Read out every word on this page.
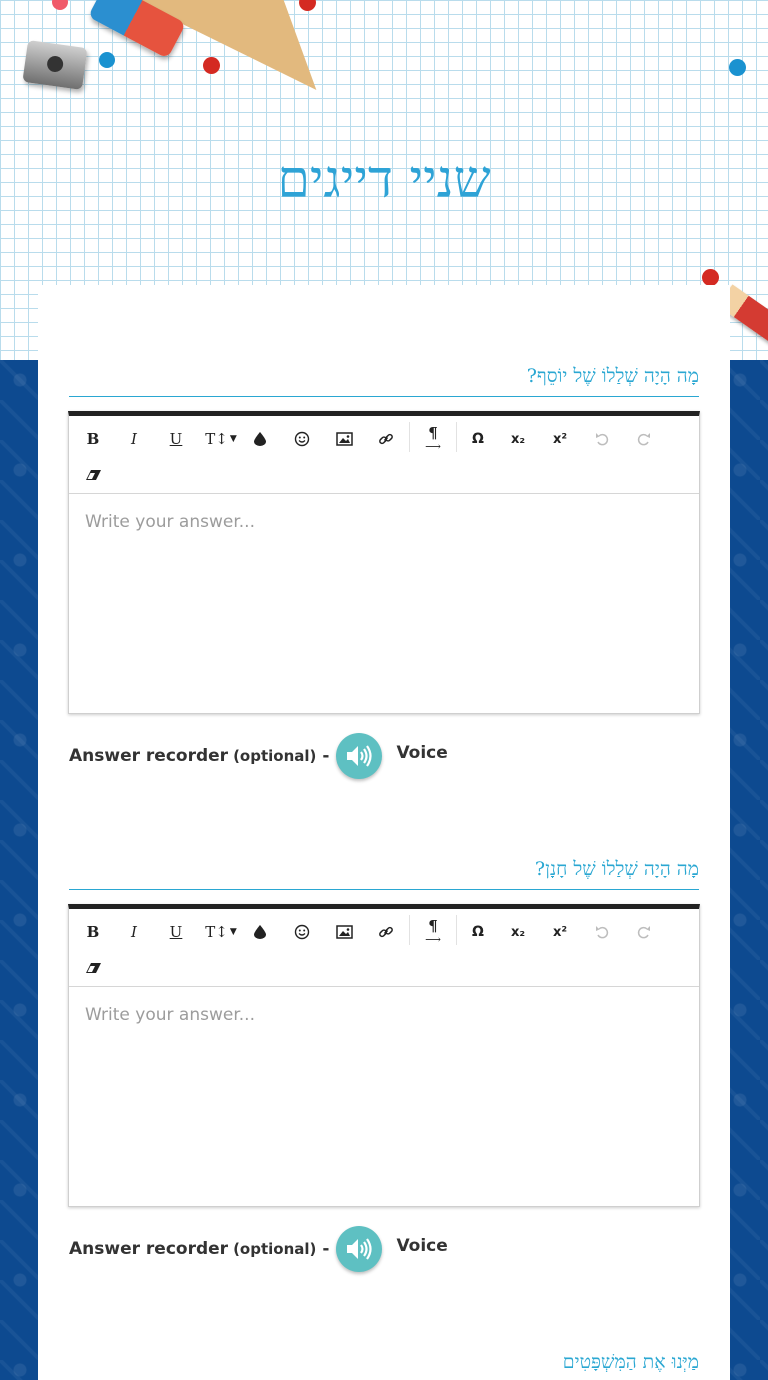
שניי דייגים
מָה הָיָה שְׁלַלוֹ שֶׁל יוֹסֵף?
B	I	U	T↕ ▼	¶
⟶	Ω	x₂	x²
Write your answer...
Answer recorder (optional) -	Voice
מָה הָיָה שְׁלַלוֹ שֶׁל חָנָן?
B	I	U	T↕ ▼	¶
⟶	Ω	x₂	x²
Write your answer...
Answer recorder (optional) -	Voice
מַיְּנוּ אֶת הַמִּשְׁפָּטִים
